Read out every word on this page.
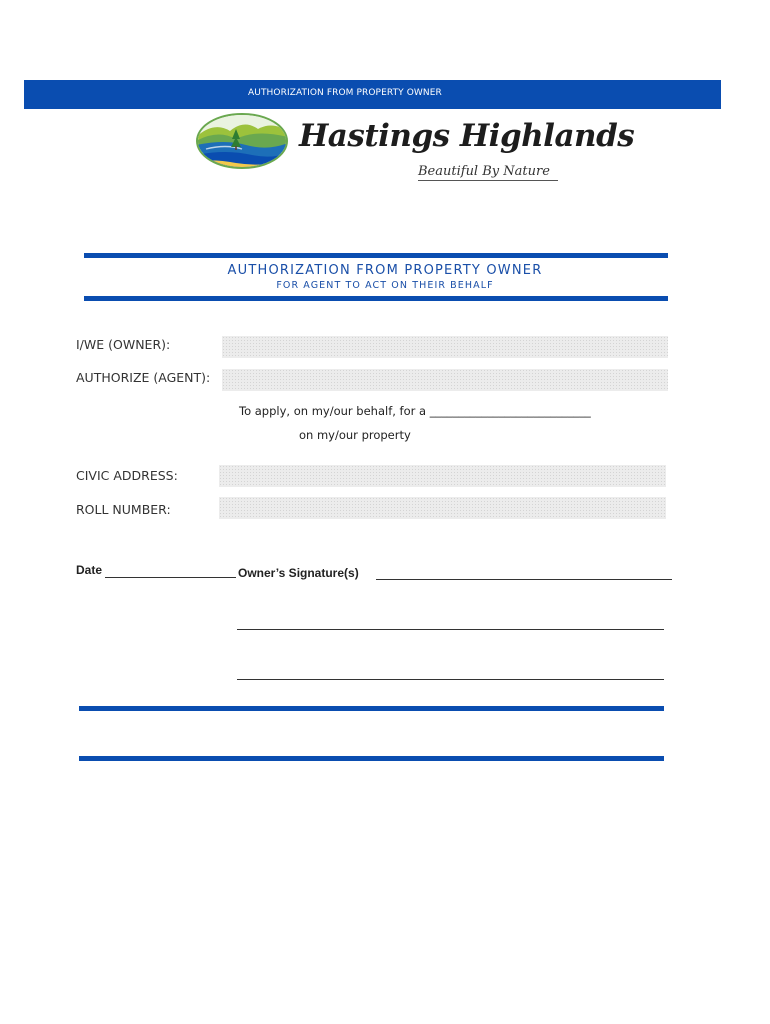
AUTHORIZATION FROM PROPERTY OWNER
Hastings Highlands
Beautiful By Nature
AUTHORIZATION FROM PROPERTY OWNER
FOR AGENT TO ACT ON THEIR BEHALF
I/WE (OWNER):
AUTHORIZE (AGENT):
To apply, on my/our behalf, for a ____________________________
on my/our property
CIVIC ADDRESS:
ROLL NUMBER:
Date	Owner’s Signature(s)
